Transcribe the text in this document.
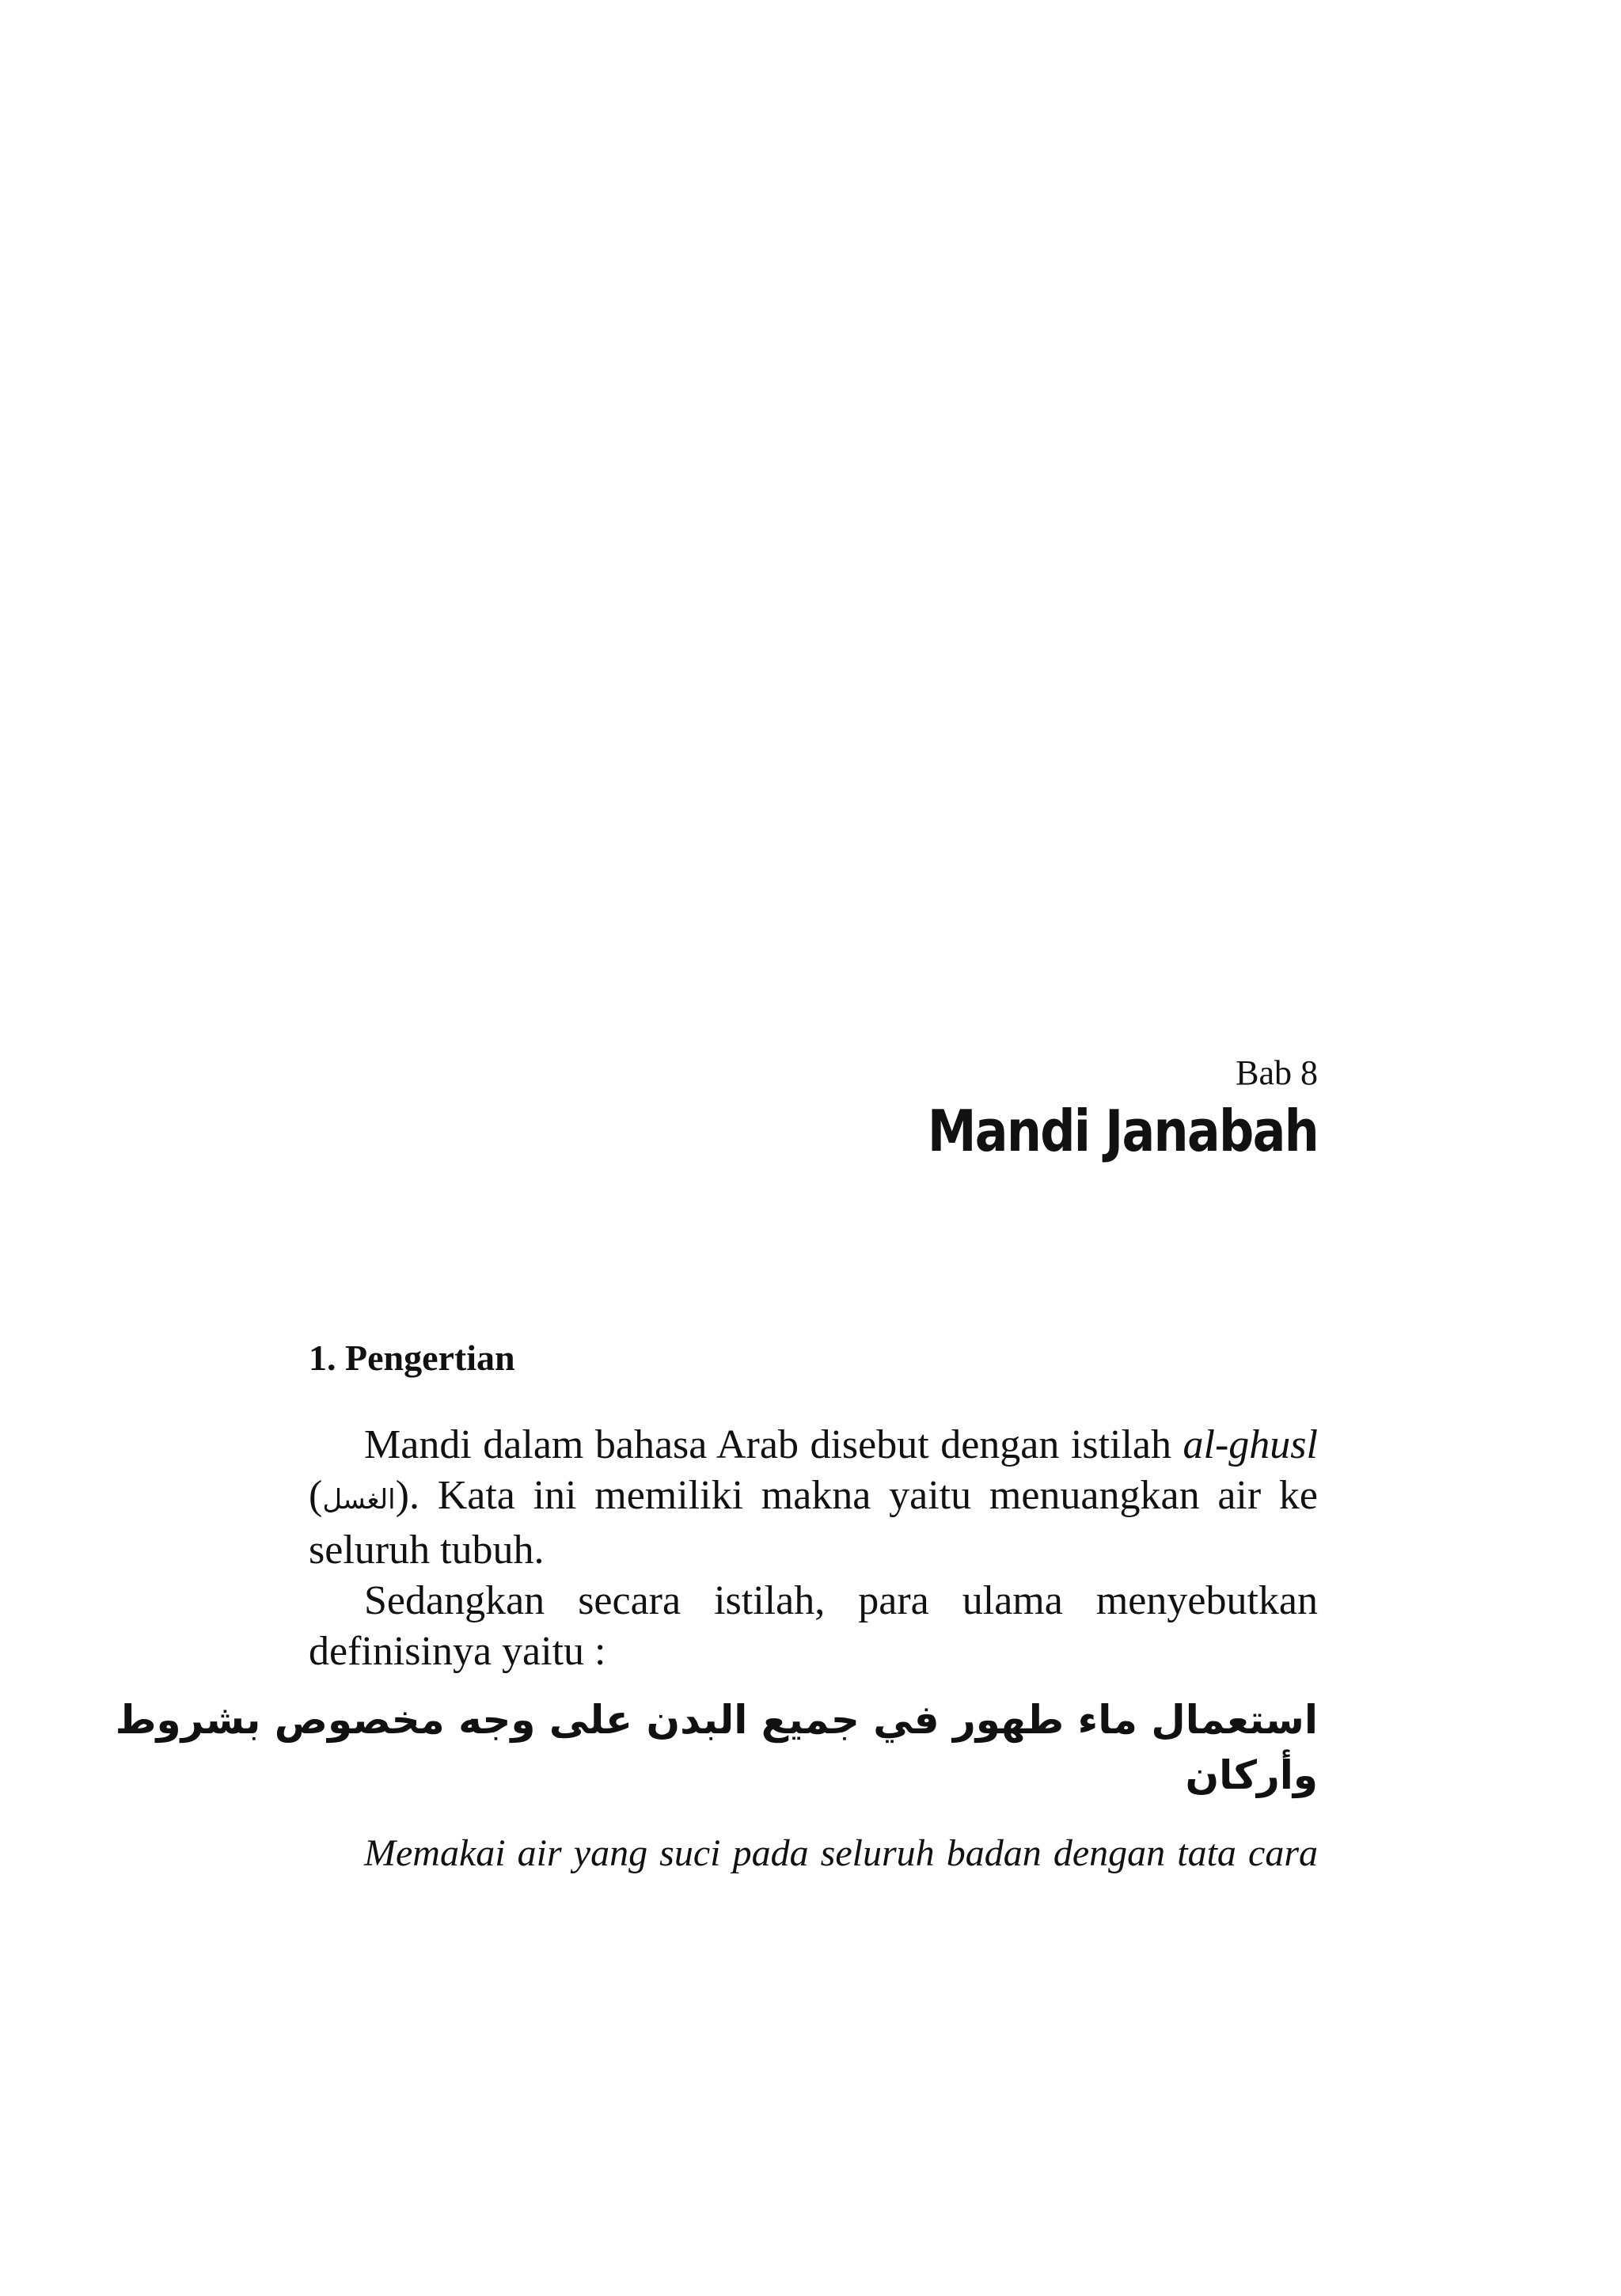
Bab 8
Mandi Janabah
1. Pengertian

Mandi dalam bahasa Arab disebut dengan istilah al-ghusl (الغسل). Kata ini memiliki makna yaitu menuangkan air ke seluruh tubuh.

Sedangkan secara istilah, para ulama menyebutkan definisinya yaitu :

استعمال ماء طهور في جميع البدن على وجه مخصوص بشروط
وأركان
Memakai air yang suci pada seluruh badan dengan tata cara
